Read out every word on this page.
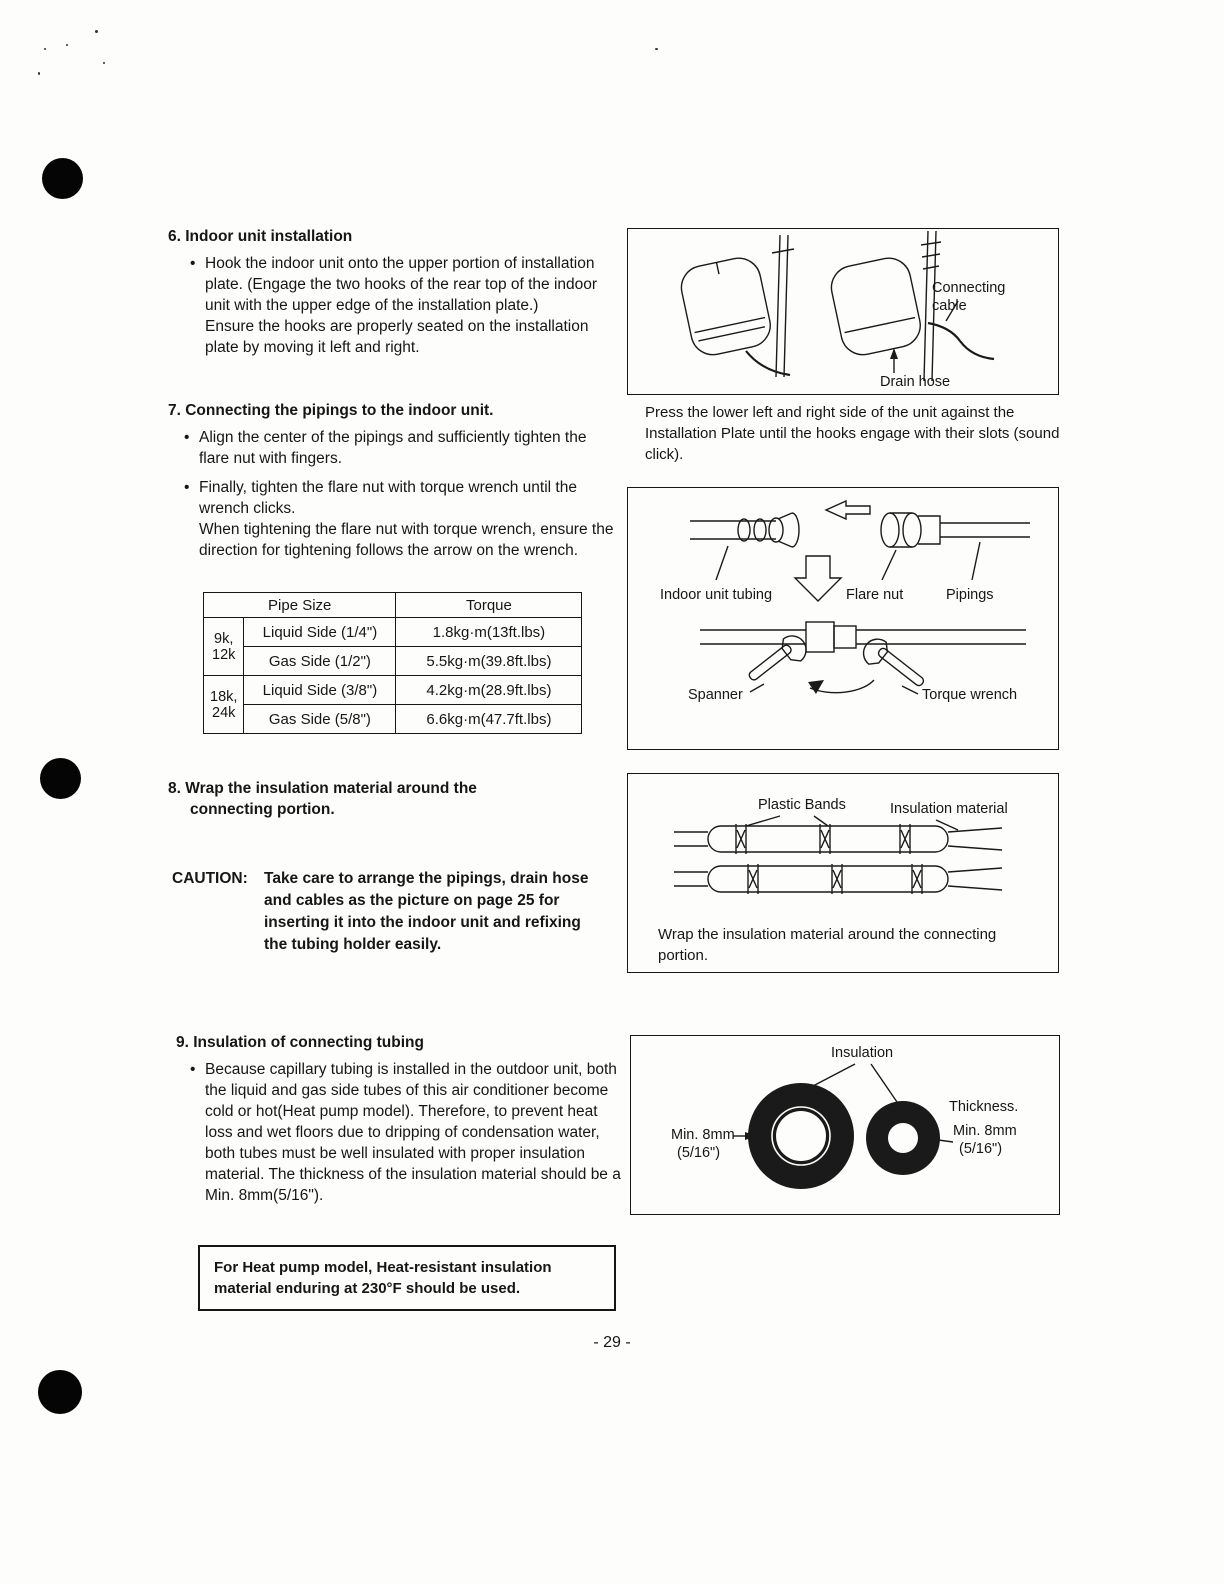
6. Indoor unit installation
•
Hook the indoor unit onto the upper portion of installation plate. (Engage the two hooks of the rear top of the indoor unit with the upper edge of the installation plate.)
Ensure the hooks are properly seated on the installation plate by moving it left and right.
7. Connecting the pipings to the indoor unit.
•
Align the center of the pipings and sufficiently tighten the flare nut with fingers.
•
Finally, tighten the flare nut with torque wrench until the wrench clicks.
When tightening the flare nut with torque wrench, ensure the direction for tightening follows the arrow on the wrench.
Pipe Size		Torque
9k, 12k	Liquid Side (1/4")	1.8kg·m(13ft.lbs)
	Gas Side (1/2")	5.5kg·m(39.8ft.lbs)
18k, 24k	Liquid Side (3/8")	4.2kg·m(28.9ft.lbs)
	Gas Side (5/8")	6.6kg·m(47.7ft.lbs)
8. Wrap the insulation material around the connecting portion.
CAUTION:	Take care to arrange the pipings, drain hose and cables as the picture on page 25 for inserting it into the indoor unit and refixing the tubing holder easily.
9. Insulation of connecting tubing
•
Because capillary tubing is installed in the outdoor unit, both the liquid and gas side tubes of this air conditioner become cold or hot(Heat pump model). Therefore, to prevent heat loss and wet floors due to dripping of condensation water, both tubes must be well insulated with proper insulation material. The thickness of the insulation material should be a Min. 8mm(5/16").
For Heat pump model, Heat-resistant insulation material enduring at 230°F should be used.
- 29 -
Connecting cable
Drain hose
Press the lower left and right side of the unit against the Installation Plate until the hooks engage with their slots (sound click).
Indoor unit tubing	Flare nut	Pipings
Spanner	Torque wrench
Plastic Bands	Insulation material
Wrap the insulation material around the connecting portion.
Insulation
Thickness.
Min. 8mm
(5/16")
Min. 8mm
(5/16")
